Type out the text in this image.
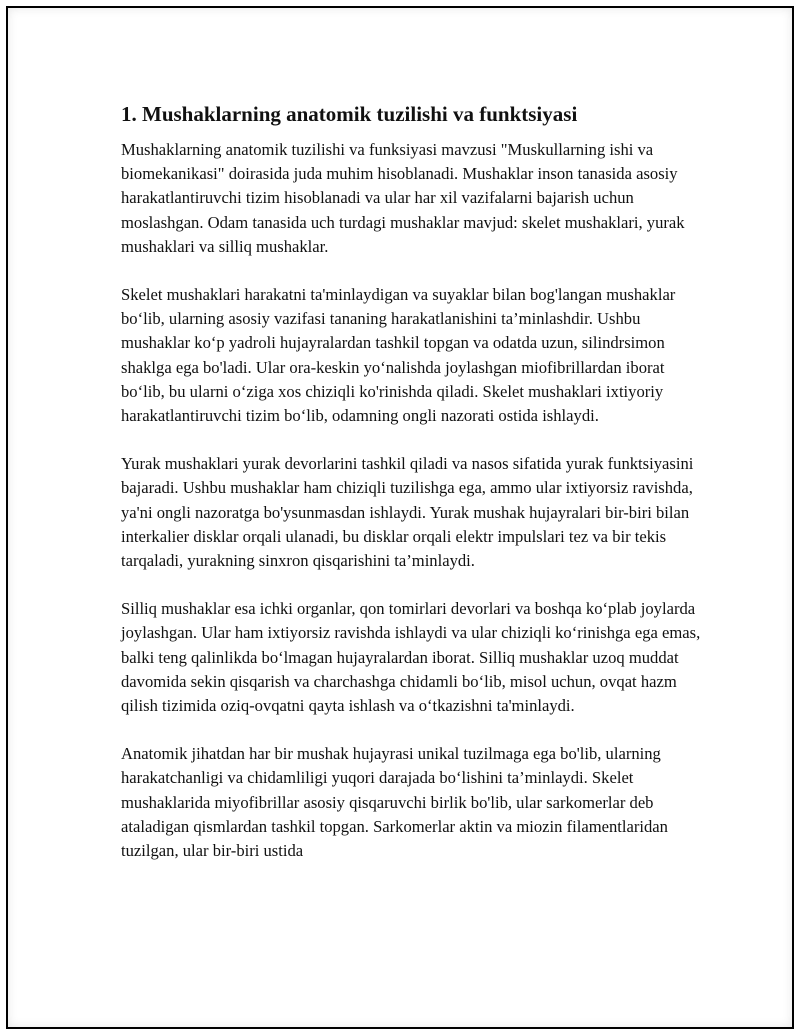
1. Mushaklarning anatomik tuzilishi va funktsiyasi

Mushaklarning anatomik tuzilishi va funksiyasi mavzusi "Muskullarning ishi va biomekanikasi" doirasida juda muhim hisoblanadi. Mushaklar inson tanasida asosiy harakatlantiruvchi tizim hisoblanadi va ular har xil vazifalarni bajarish uchun moslashgan. Odam tanasida uch turdagi mushaklar mavjud: skelet mushaklari, yurak mushaklari va silliq mushaklar.

Skelet mushaklari harakatni ta'minlaydigan va suyaklar bilan bog'langan mushaklar bo‘lib, ularning asosiy vazifasi tananing harakatlanishini ta’minlashdir. Ushbu mushaklar ko‘p yadroli hujayralardan tashkil topgan va odatda uzun, silindrsimon shaklga ega bo'ladi. Ular ora-keskin yo‘nalishda joylashgan miofibrillardan iborat bo‘lib, bu ularni o‘ziga xos chiziqli ko'rinishda qiladi. Skelet mushaklari ixtiyoriy harakatlantiruvchi tizim bo‘lib, odamning ongli nazorati ostida ishlaydi.

Yurak mushaklari yurak devorlarini tashkil qiladi va nasos sifatida yurak funktsiyasini bajaradi. Ushbu mushaklar ham chiziqli tuzilishga ega, ammo ular ixtiyorsiz ravishda, ya'ni ongli nazoratga bo'ysunmasdan ishlaydi. Yurak mushak hujayralari bir-biri bilan interkalier disklar orqali ulanadi, bu disklar orqali elektr impulslari tez va bir tekis tarqaladi, yurakning sinxron qisqarishini ta’minlaydi.

Silliq mushaklar esa ichki organlar, qon tomirlari devorlari va boshqa ko‘plab joylarda joylashgan. Ular ham ixtiyorsiz ravishda ishlaydi va ular chiziqli ko‘rinishga ega emas, balki teng qalinlikda bo‘lmagan hujayralardan iborat. Silliq mushaklar uzoq muddat davomida sekin qisqarish va charchashga chidamli bo‘lib, misol uchun, ovqat hazm qilish tizimida oziq-ovqatni qayta ishlash va o‘tkazishni ta'minlaydi.

Anatomik jihatdan har bir mushak hujayrasi unikal tuzilmaga ega bo'lib, ularning harakatchanligi va chidamliligi yuqori darajada bo‘lishini ta’minlaydi. Skelet mushaklarida miyofibrillar asosiy qisqaruvchi birlik bo'lib, ular sarkomerlar deb ataladigan qismlardan tashkil topgan. Sarkomerlar aktin va miozin filamentlaridan tuzilgan, ular bir-biri ustida
